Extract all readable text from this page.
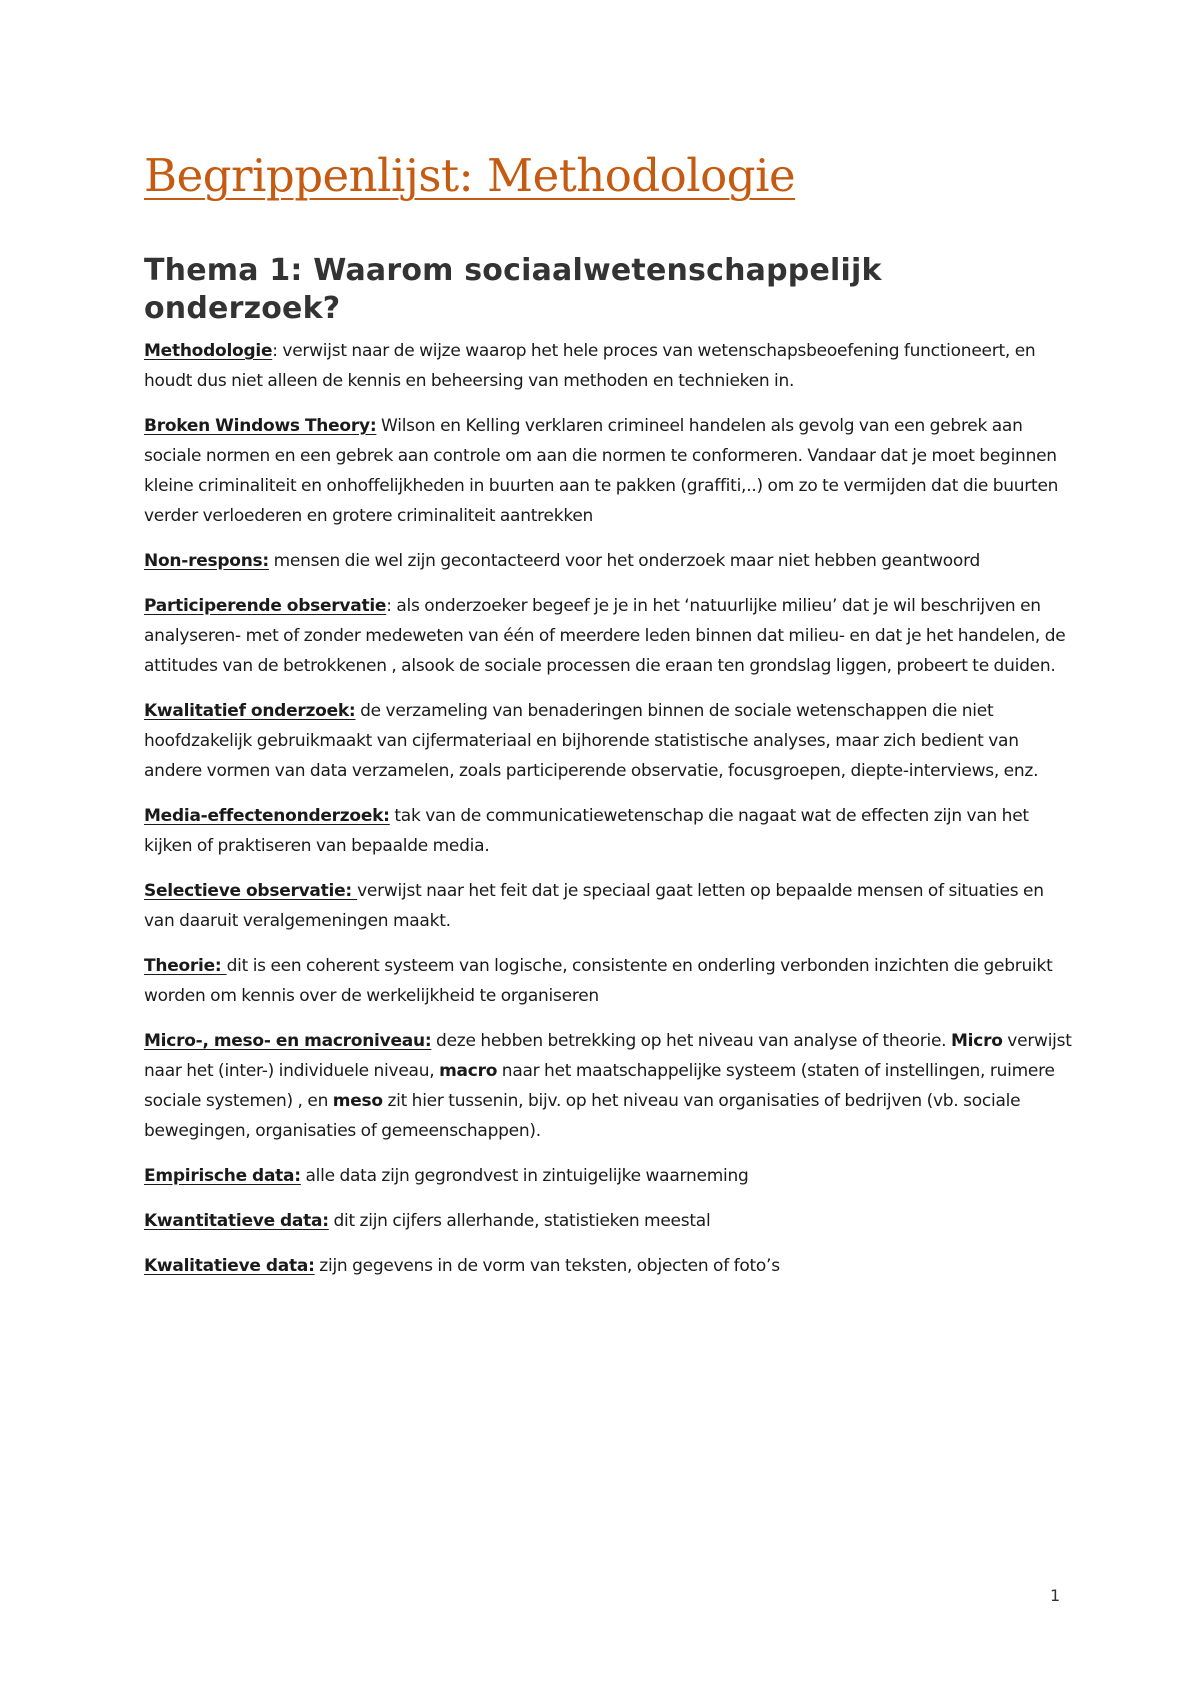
Begrippenlijst: Methodologie
Thema 1: Waarom sociaalwetenschappelijk onderzoek?

Methodologie: verwijst naar de wijze waarop het hele proces van wetenschapsbeoefening functioneert, en houdt dus niet alleen de kennis en beheersing van methoden en technieken in.

Broken Windows Theory: Wilson en Kelling verklaren crimineel handelen als gevolg van een gebrek aan sociale normen en een gebrek aan controle om aan die normen te conformeren. Vandaar dat je moet beginnen kleine criminaliteit en onhoffelijkheden in buurten aan te pakken (graffiti,..) om zo te vermijden dat die buurten verder verloederen en grotere criminaliteit aantrekken

Non-respons: mensen die wel zijn gecontacteerd voor het onderzoek maar niet hebben geantwoord

Participerende observatie: als onderzoeker begeef je je in het ‘natuurlijke milieu’ dat je wil beschrijven en analyseren- met of zonder medeweten van één of meerdere leden binnen dat milieu- en dat je het handelen, de attitudes van de betrokkenen , alsook de sociale processen die eraan ten grondslag liggen, probeert te duiden.

Kwalitatief onderzoek: de verzameling van benaderingen binnen de sociale wetenschappen die niet hoofdzakelijk gebruikmaakt van cijfermateriaal en bijhorende statistische analyses, maar zich bedient van andere vormen van data verzamelen, zoals participerende observatie, focusgroepen, diepte-interviews, enz.

Media-effectenonderzoek: tak van de communicatiewetenschap die nagaat wat de effecten zijn van het kijken of praktiseren van bepaalde media.

Selectieve observatie: verwijst naar het feit dat je speciaal gaat letten op bepaalde mensen of situaties en van daaruit veralgemeningen maakt.

Theorie: dit is een coherent systeem van logische, consistente en onderling verbonden inzichten die gebruikt worden om kennis over de werkelijkheid te organiseren

Micro-, meso- en macroniveau: deze hebben betrekking op het niveau van analyse of theorie. Micro verwijst naar het (inter-) individuele niveau, macro naar het maatschappelijke systeem (staten of instellingen, ruimere sociale systemen) , en meso zit hier tussenin, bijv. op het niveau van organisaties of bedrijven (vb. sociale bewegingen, organisaties of gemeenschappen).

Empirische data: alle data zijn gegrondvest in zintuigelijke waarneming

Kwantitatieve data: dit zijn cijfers allerhande, statistieken meestal

Kwalitatieve data: zijn gegevens in de vorm van teksten, objecten of foto’s

1
